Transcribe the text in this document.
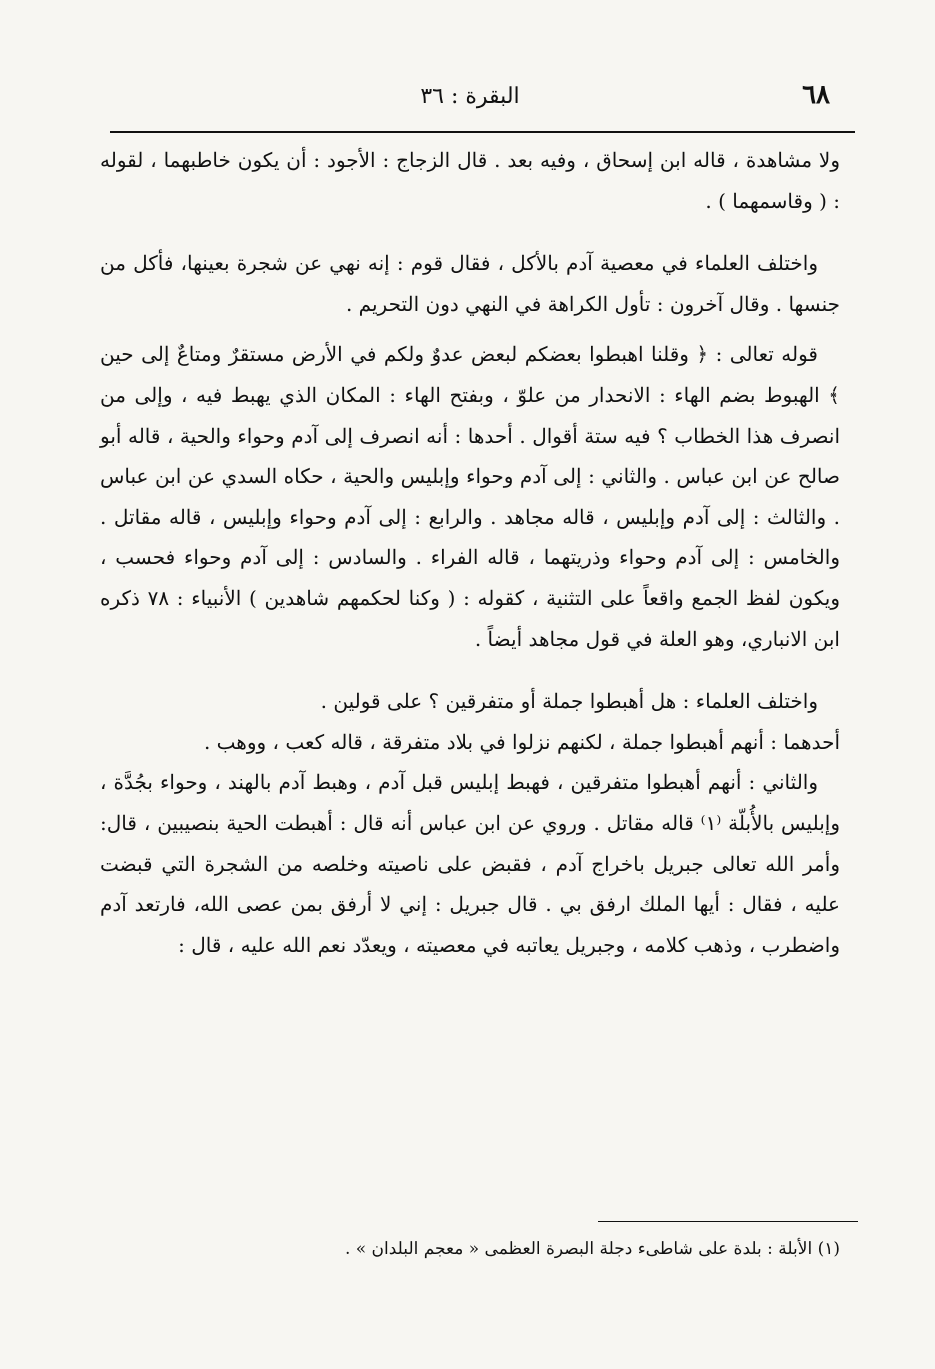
٦٨
البقرة : ٣٦

ولا مشاهدة ، قاله ابن إسحاق ، وفيه بعد . قال الزجاج : الأجود : أن يكون خاطبهما ، لقوله : ( وقاسمهما ) .

واختلف العلماء في معصية آدم بالأكل ، فقال قوم : إنه نهي عن شجرة بعينها، فأكل من جنسها . وقال آخرون : تأول الكراهة في النهي دون التحريم .

قوله تعالى : ﴿ وقلنا اهبطوا بعضكم لبعض عدوٌ ولكم في الأرض مستقرٌ ومتاعٌ إلى حين ﴾ الهبوط بضم الهاء : الانحدار من علوّ ، وبفتح الهاء : المكان الذي يهبط فيه ، وإلى من انصرف هذا الخطاب ؟ فيه ستة أقوال . أحدها : أنه انصرف إلى آدم وحواء والحية ، قاله أبو صالح عن ابن عباس . والثاني : إلى آدم وحواء وإبليس والحية ، حكاه السدي عن ابن عباس . والثالث : إلى آدم وإبليس ، قاله مجاهد . والرابع : إلى آدم وحواء وإبليس ، قاله مقاتل . والخامس : إلى آدم وحواء وذريتهما ، قاله الفراء . والسادس : إلى آدم وحواء فحسب ، ويكون لفظ الجمع واقعاً على التثنية ، كقوله : ( وكنا لحكمهم شاهدين ) الأنبياء : ٧٨ ذكره ابن الانباري، وهو العلة في قول مجاهد أيضاً .

واختلف العلماء : هل أهبطوا جملة أو متفرقين ؟ على قولين .

أحدهما : أنهم أهبطوا جملة ، لكنهم نزلوا في بلاد متفرقة ، قاله كعب ، ووهب .

والثاني : أنهم أهبطوا متفرقين ، فهبط إبليس قبل آدم ، وهبط آدم بالهند ، وحواء بجُدَّة ، وإبليس بالأُبلّة ⁽١⁾ قاله مقاتل . وروي عن ابن عباس أنه قال : أهبطت الحية بنصيبين ، قال: وأمر الله تعالى جبريل باخراج آدم ، فقبض على ناصيته وخلصه من الشجرة التي قبضت عليه ، فقال : أيها الملك ارفق بي . قال جبريل : إني لا أرفق بمن عصى الله، فارتعد آدم واضطرب ، وذهب كلامه ، وجبريل يعاتبه في معصيته ، ويعدّد نعم الله عليه ، قال :

(١) الأبلة : بلدة على شاطىء دجلة البصرة العظمى « معجم البلدان » .
